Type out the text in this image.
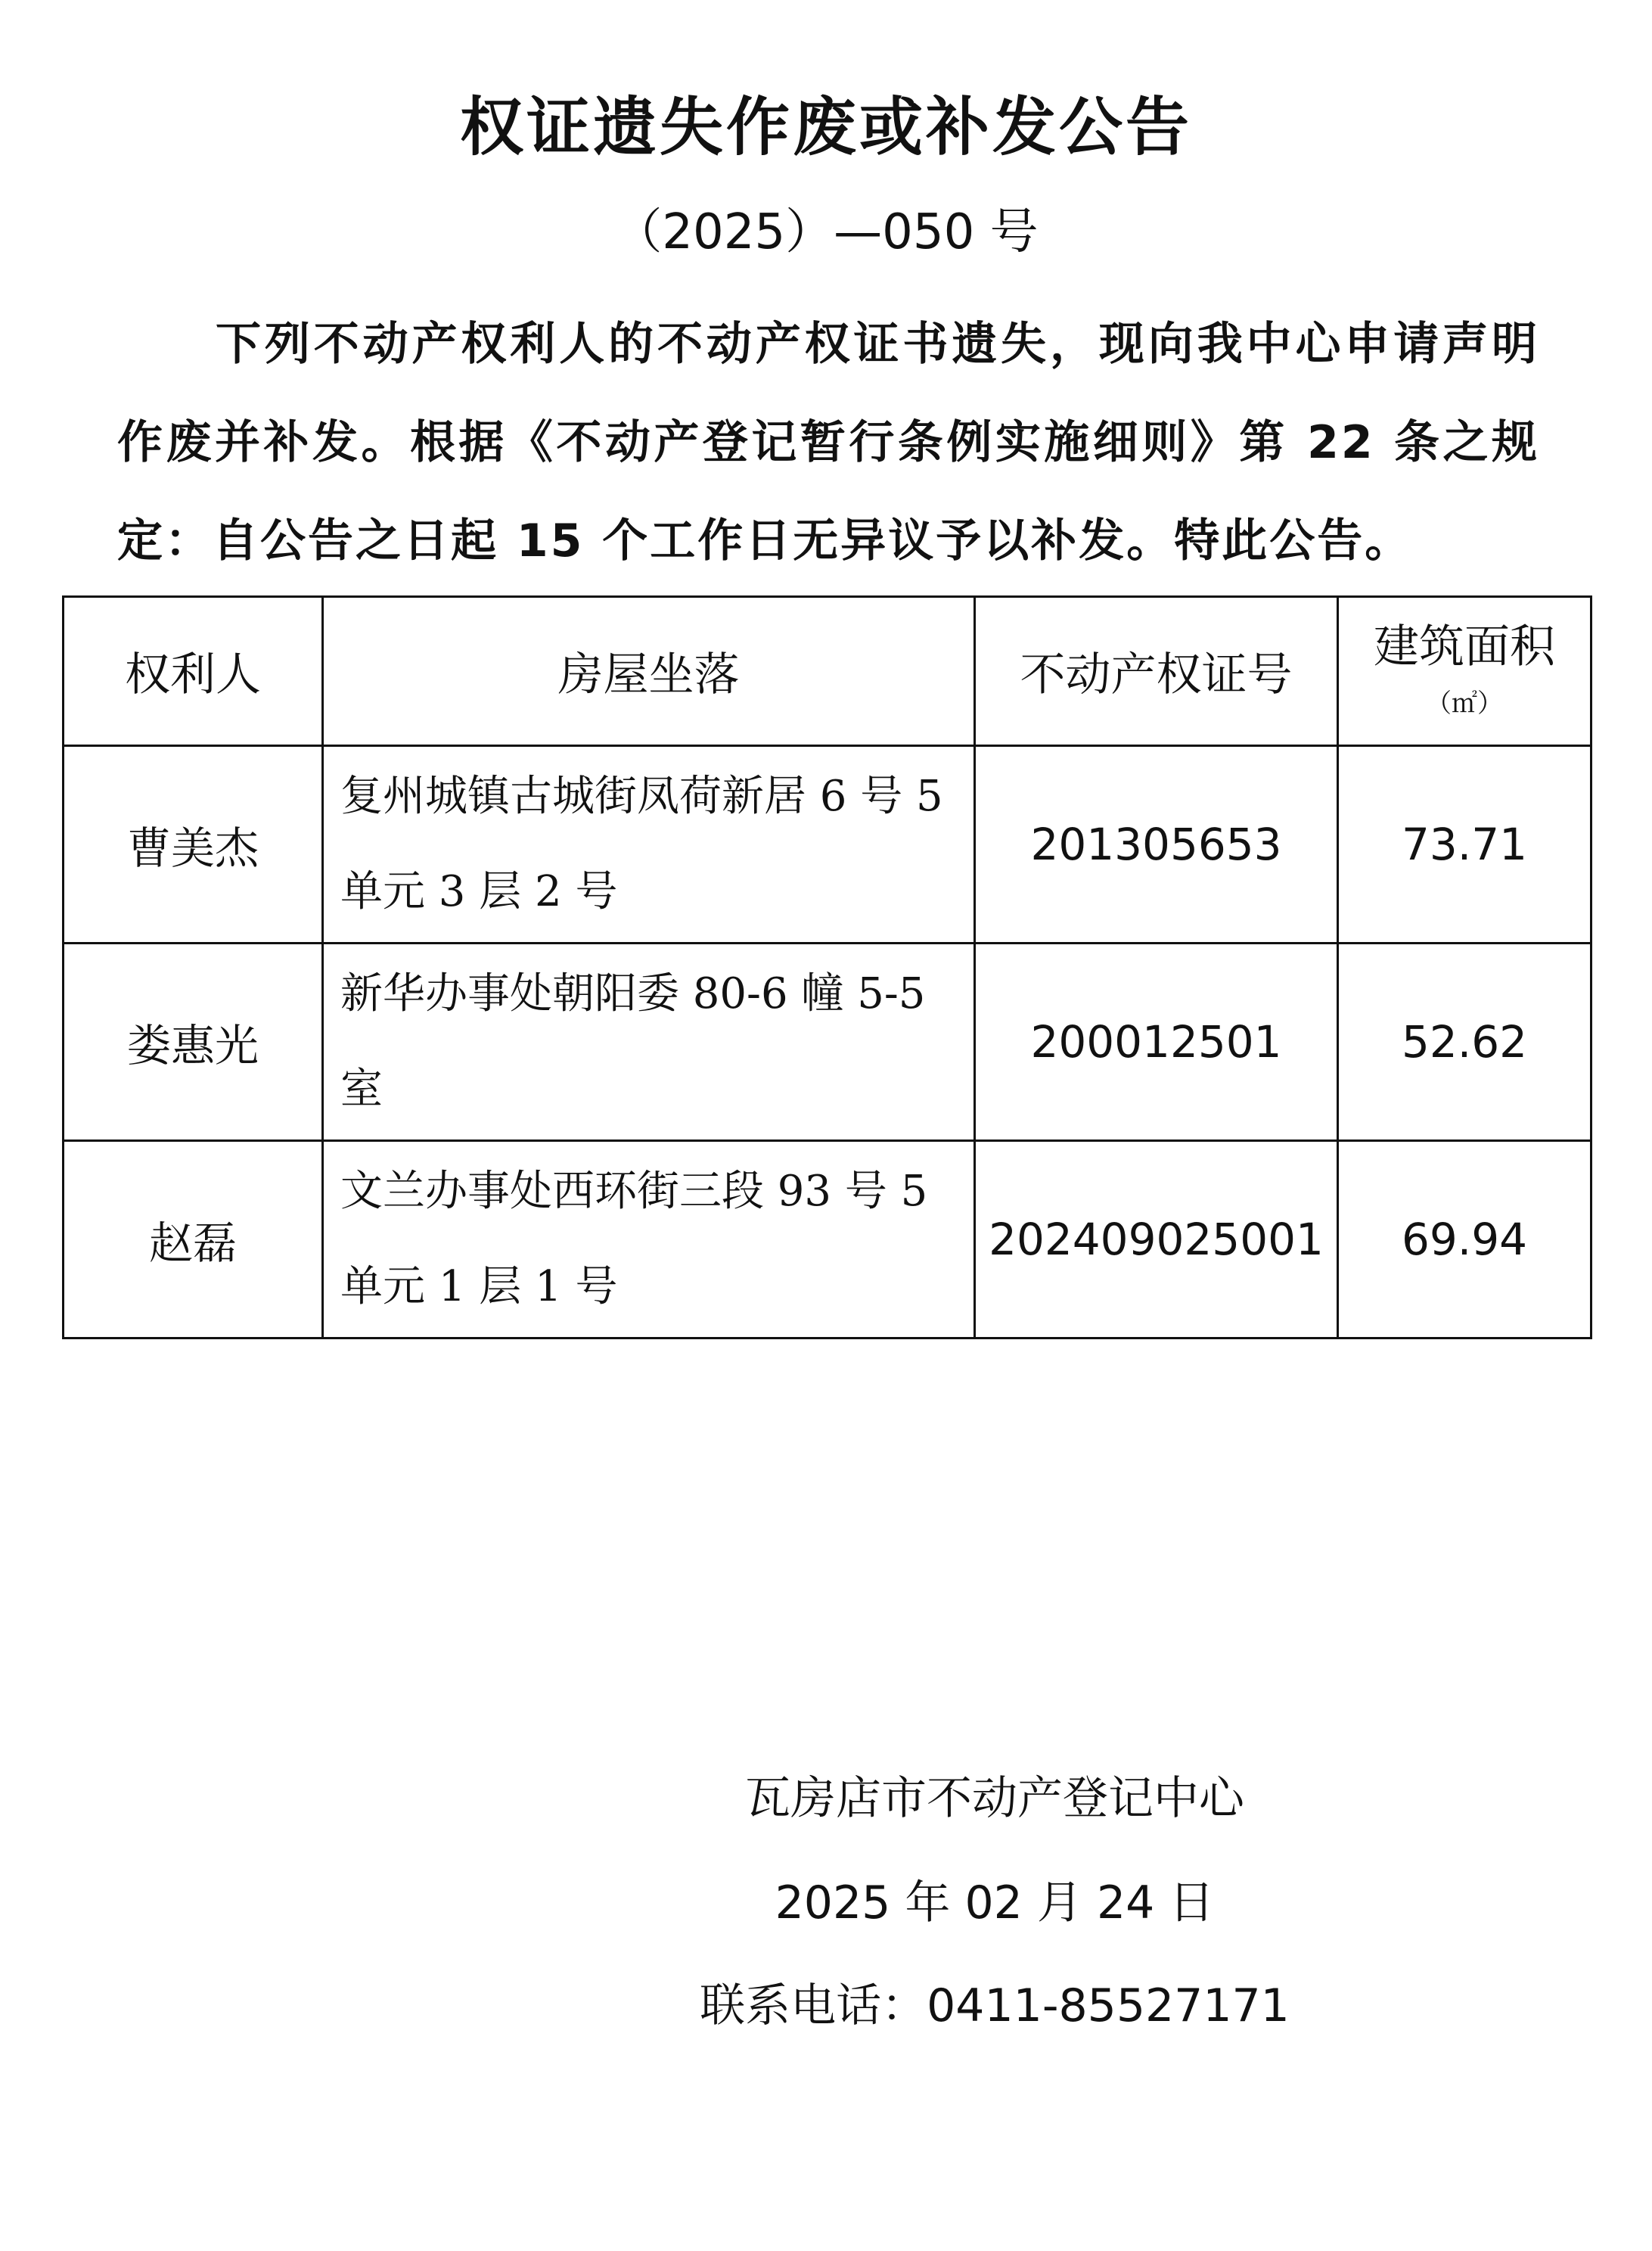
权证遗失作废或补发公告
（2025）—050 号

下列不动产权利人的不动产权证书遗失，现向我中心申请声明作废并补发。根据《不动产登记暂行条例实施细则》第 22 条之规定：自公告之日起 15 个工作日无异议予以补发。特此公告。

权利人	房屋坐落	不动产权证号	建筑面积
（㎡）

曹美杰	复州城镇古城街凤荷新居 6 号 5 单元 3 层 2 号	201305653	73.71
娄惠光	新华办事处朝阳委 80-6 幢 5-5 室	200012501	52.62
赵磊	文兰办事处西环街三段 93 号 5 单元 1 层 1 号	202409025001	69.94
瓦房店市不动产登记中心
2025 年 02 月 24 日
联系电话：0411-85527171
